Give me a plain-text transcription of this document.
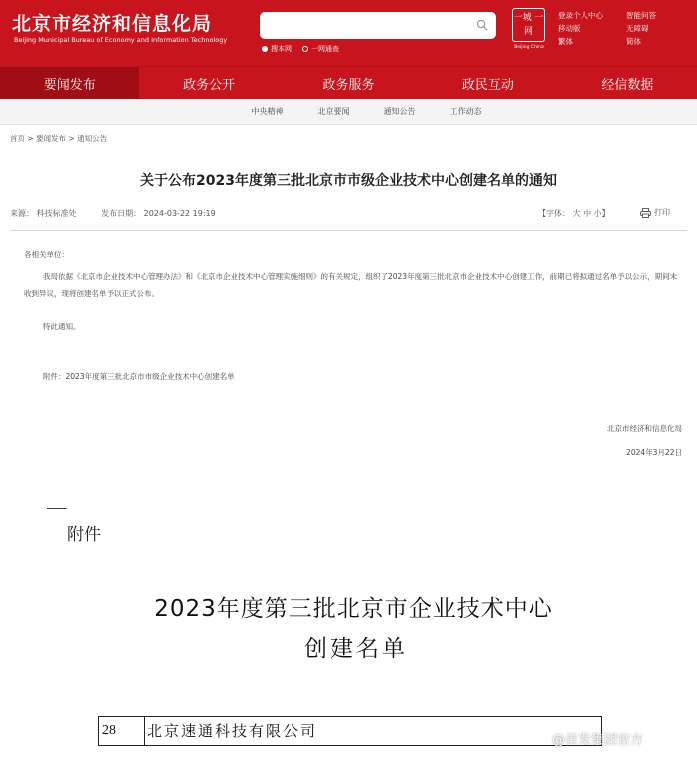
北京市经济和信息化局
Beijing Municipal Bureau of Economy and Information Technology
搜本网	一网通查
一城 一网
Beijing China
登录个人中心	智能问答
移动版	无障碍
繁体	简体
要闻发布	政务公开	政务服务	政民互动	经信数据
中央精神	北京要闻	通知公告	工作动态
首页 > 要闻发布 > 通知公告
关于公布2023年度第三批北京市市级企业技术中心创建名单的通知
来源： 科技标准处	发布日期： 2024-03-22 19:19	【字体： 大 中 小】	打印
各相关单位：
我局依据《北京市企业技术中心管理办法》和《北京市企业技术中心管理实施细则》的有关规定，组织了2023年度第三批北京市企业技术中心创建工作，前期已将拟通过名单予以公示，期间未收到异议，现将创建名单予以正式公布。
特此通知。
附件：2023年度第三批北京市市级企业技术中心创建名单
北京市经济和信息化局
2024年3月22日
附件
2023年度第三批北京市企业技术中心
创建名单
28	北京速通科技有限公司
@首发集团官方
